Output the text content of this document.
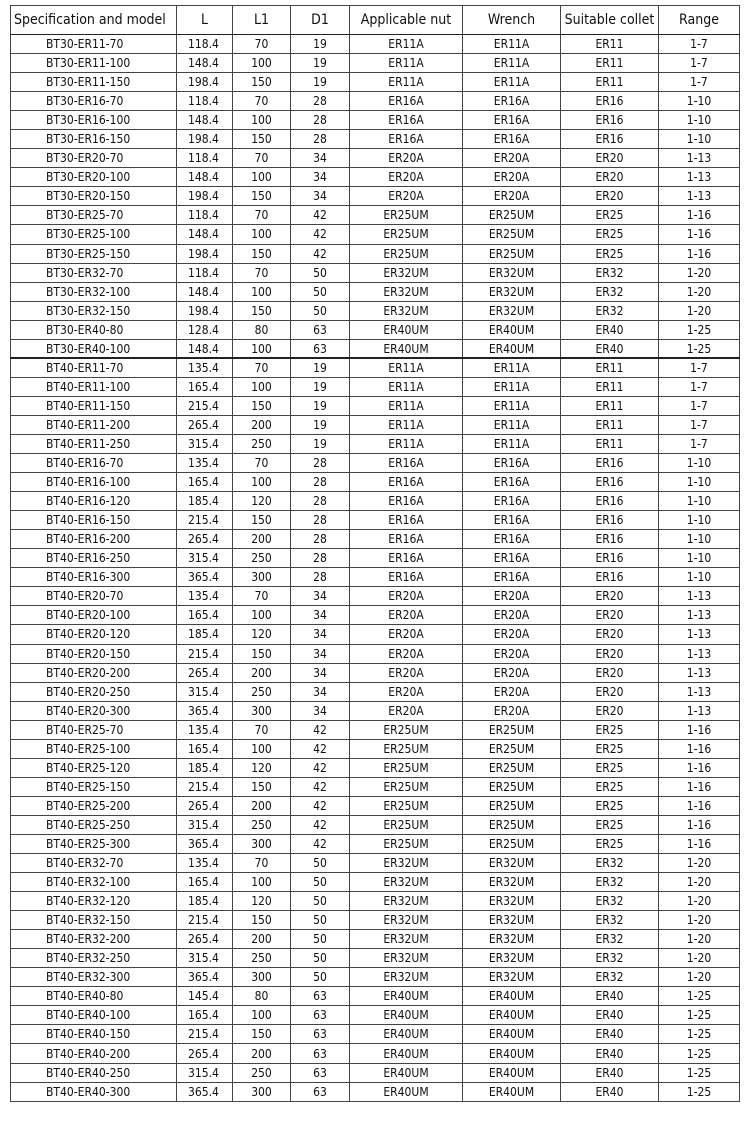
Specification and model	L	L1	D1	Applicable nut	Wrench	Suitable collet	Range
BT30-ER11-70	118.4	70	19	ER11A	ER11A	ER11	1-7
BT30-ER11-100	148.4	100	19	ER11A	ER11A	ER11	1-7
BT30-ER11-150	198.4	150	19	ER11A	ER11A	ER11	1-7
BT30-ER16-70	118.4	70	28	ER16A	ER16A	ER16	1-10
BT30-ER16-100	148.4	100	28	ER16A	ER16A	ER16	1-10
BT30-ER16-150	198.4	150	28	ER16A	ER16A	ER16	1-10
BT30-ER20-70	118.4	70	34	ER20A	ER20A	ER20	1-13
BT30-ER20-100	148.4	100	34	ER20A	ER20A	ER20	1-13
BT30-ER20-150	198.4	150	34	ER20A	ER20A	ER20	1-13
BT30-ER25-70	118.4	70	42	ER25UM	ER25UM	ER25	1-16
BT30-ER25-100	148.4	100	42	ER25UM	ER25UM	ER25	1-16
BT30-ER25-150	198.4	150	42	ER25UM	ER25UM	ER25	1-16
BT30-ER32-70	118.4	70	50	ER32UM	ER32UM	ER32	1-20
BT30-ER32-100	148.4	100	50	ER32UM	ER32UM	ER32	1-20
BT30-ER32-150	198.4	150	50	ER32UM	ER32UM	ER32	1-20
BT30-ER40-80	128.4	80	63	ER40UM	ER40UM	ER40	1-25
BT30-ER40-100	148.4	100	63	ER40UM	ER40UM	ER40	1-25
BT40-ER11-70	135.4	70	19	ER11A	ER11A	ER11	1-7
BT40-ER11-100	165.4	100	19	ER11A	ER11A	ER11	1-7
BT40-ER11-150	215.4	150	19	ER11A	ER11A	ER11	1-7
BT40-ER11-200	265.4	200	19	ER11A	ER11A	ER11	1-7
BT40-ER11-250	315.4	250	19	ER11A	ER11A	ER11	1-7
BT40-ER16-70	135.4	70	28	ER16A	ER16A	ER16	1-10
BT40-ER16-100	165.4	100	28	ER16A	ER16A	ER16	1-10
BT40-ER16-120	185.4	120	28	ER16A	ER16A	ER16	1-10
BT40-ER16-150	215.4	150	28	ER16A	ER16A	ER16	1-10
BT40-ER16-200	265.4	200	28	ER16A	ER16A	ER16	1-10
BT40-ER16-250	315.4	250	28	ER16A	ER16A	ER16	1-10
BT40-ER16-300	365.4	300	28	ER16A	ER16A	ER16	1-10
BT40-ER20-70	135.4	70	34	ER20A	ER20A	ER20	1-13
BT40-ER20-100	165.4	100	34	ER20A	ER20A	ER20	1-13
BT40-ER20-120	185.4	120	34	ER20A	ER20A	ER20	1-13
BT40-ER20-150	215.4	150	34	ER20A	ER20A	ER20	1-13
BT40-ER20-200	265.4	200	34	ER20A	ER20A	ER20	1-13
BT40-ER20-250	315.4	250	34	ER20A	ER20A	ER20	1-13
BT40-ER20-300	365.4	300	34	ER20A	ER20A	ER20	1-13
BT40-ER25-70	135.4	70	42	ER25UM	ER25UM	ER25	1-16
BT40-ER25-100	165.4	100	42	ER25UM	ER25UM	ER25	1-16
BT40-ER25-120	185.4	120	42	ER25UM	ER25UM	ER25	1-16
BT40-ER25-150	215.4	150	42	ER25UM	ER25UM	ER25	1-16
BT40-ER25-200	265.4	200	42	ER25UM	ER25UM	ER25	1-16
BT40-ER25-250	315.4	250	42	ER25UM	ER25UM	ER25	1-16
BT40-ER25-300	365.4	300	42	ER25UM	ER25UM	ER25	1-16
BT40-ER32-70	135.4	70	50	ER32UM	ER32UM	ER32	1-20
BT40-ER32-100	165.4	100	50	ER32UM	ER32UM	ER32	1-20
BT40-ER32-120	185.4	120	50	ER32UM	ER32UM	ER32	1-20
BT40-ER32-150	215.4	150	50	ER32UM	ER32UM	ER32	1-20
BT40-ER32-200	265.4	200	50	ER32UM	ER32UM	ER32	1-20
BT40-ER32-250	315.4	250	50	ER32UM	ER32UM	ER32	1-20
BT40-ER32-300	365.4	300	50	ER32UM	ER32UM	ER32	1-20
BT40-ER40-80	145.4	80	63	ER40UM	ER40UM	ER40	1-25
BT40-ER40-100	165.4	100	63	ER40UM	ER40UM	ER40	1-25
BT40-ER40-150	215.4	150	63	ER40UM	ER40UM	ER40	1-25
BT40-ER40-200	265.4	200	63	ER40UM	ER40UM	ER40	1-25
BT40-ER40-250	315.4	250	63	ER40UM	ER40UM	ER40	1-25
BT40-ER40-300	365.4	300	63	ER40UM	ER40UM	ER40	1-25
